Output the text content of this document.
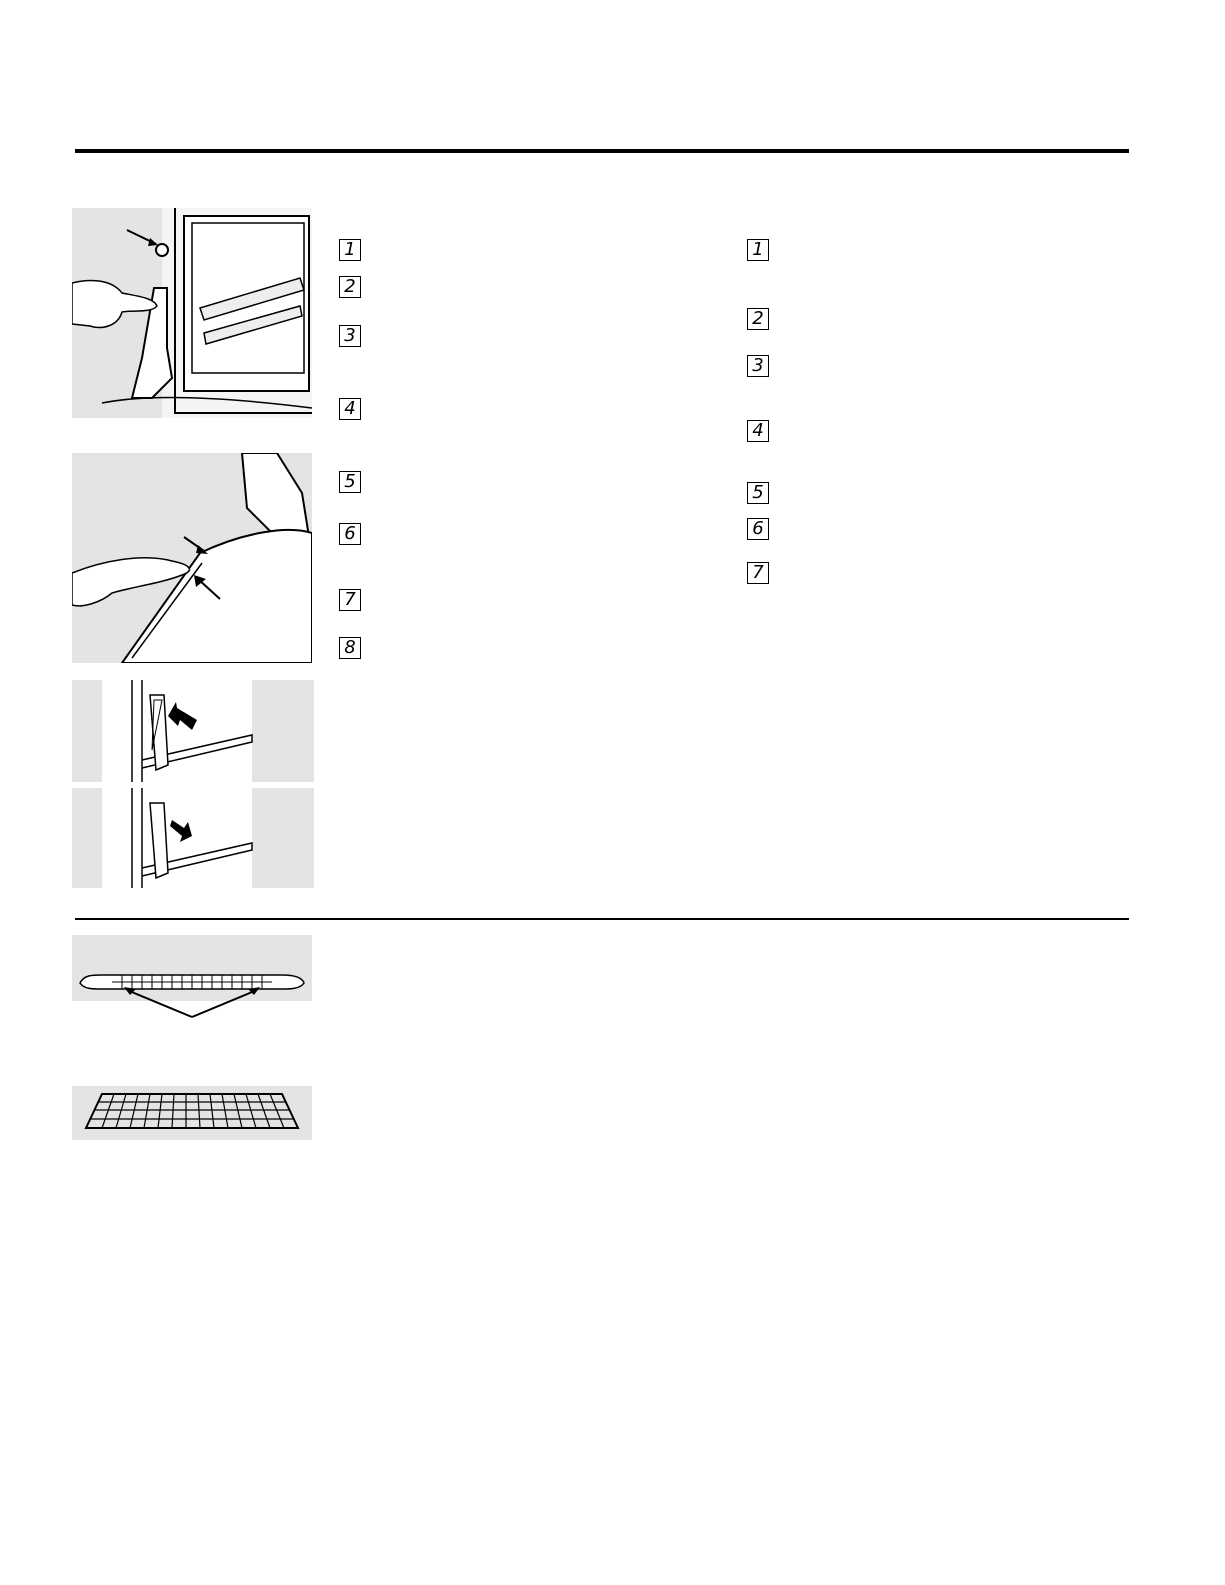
1
2
3
4
5
6
7
8
1
2
3
4
5
6
7
